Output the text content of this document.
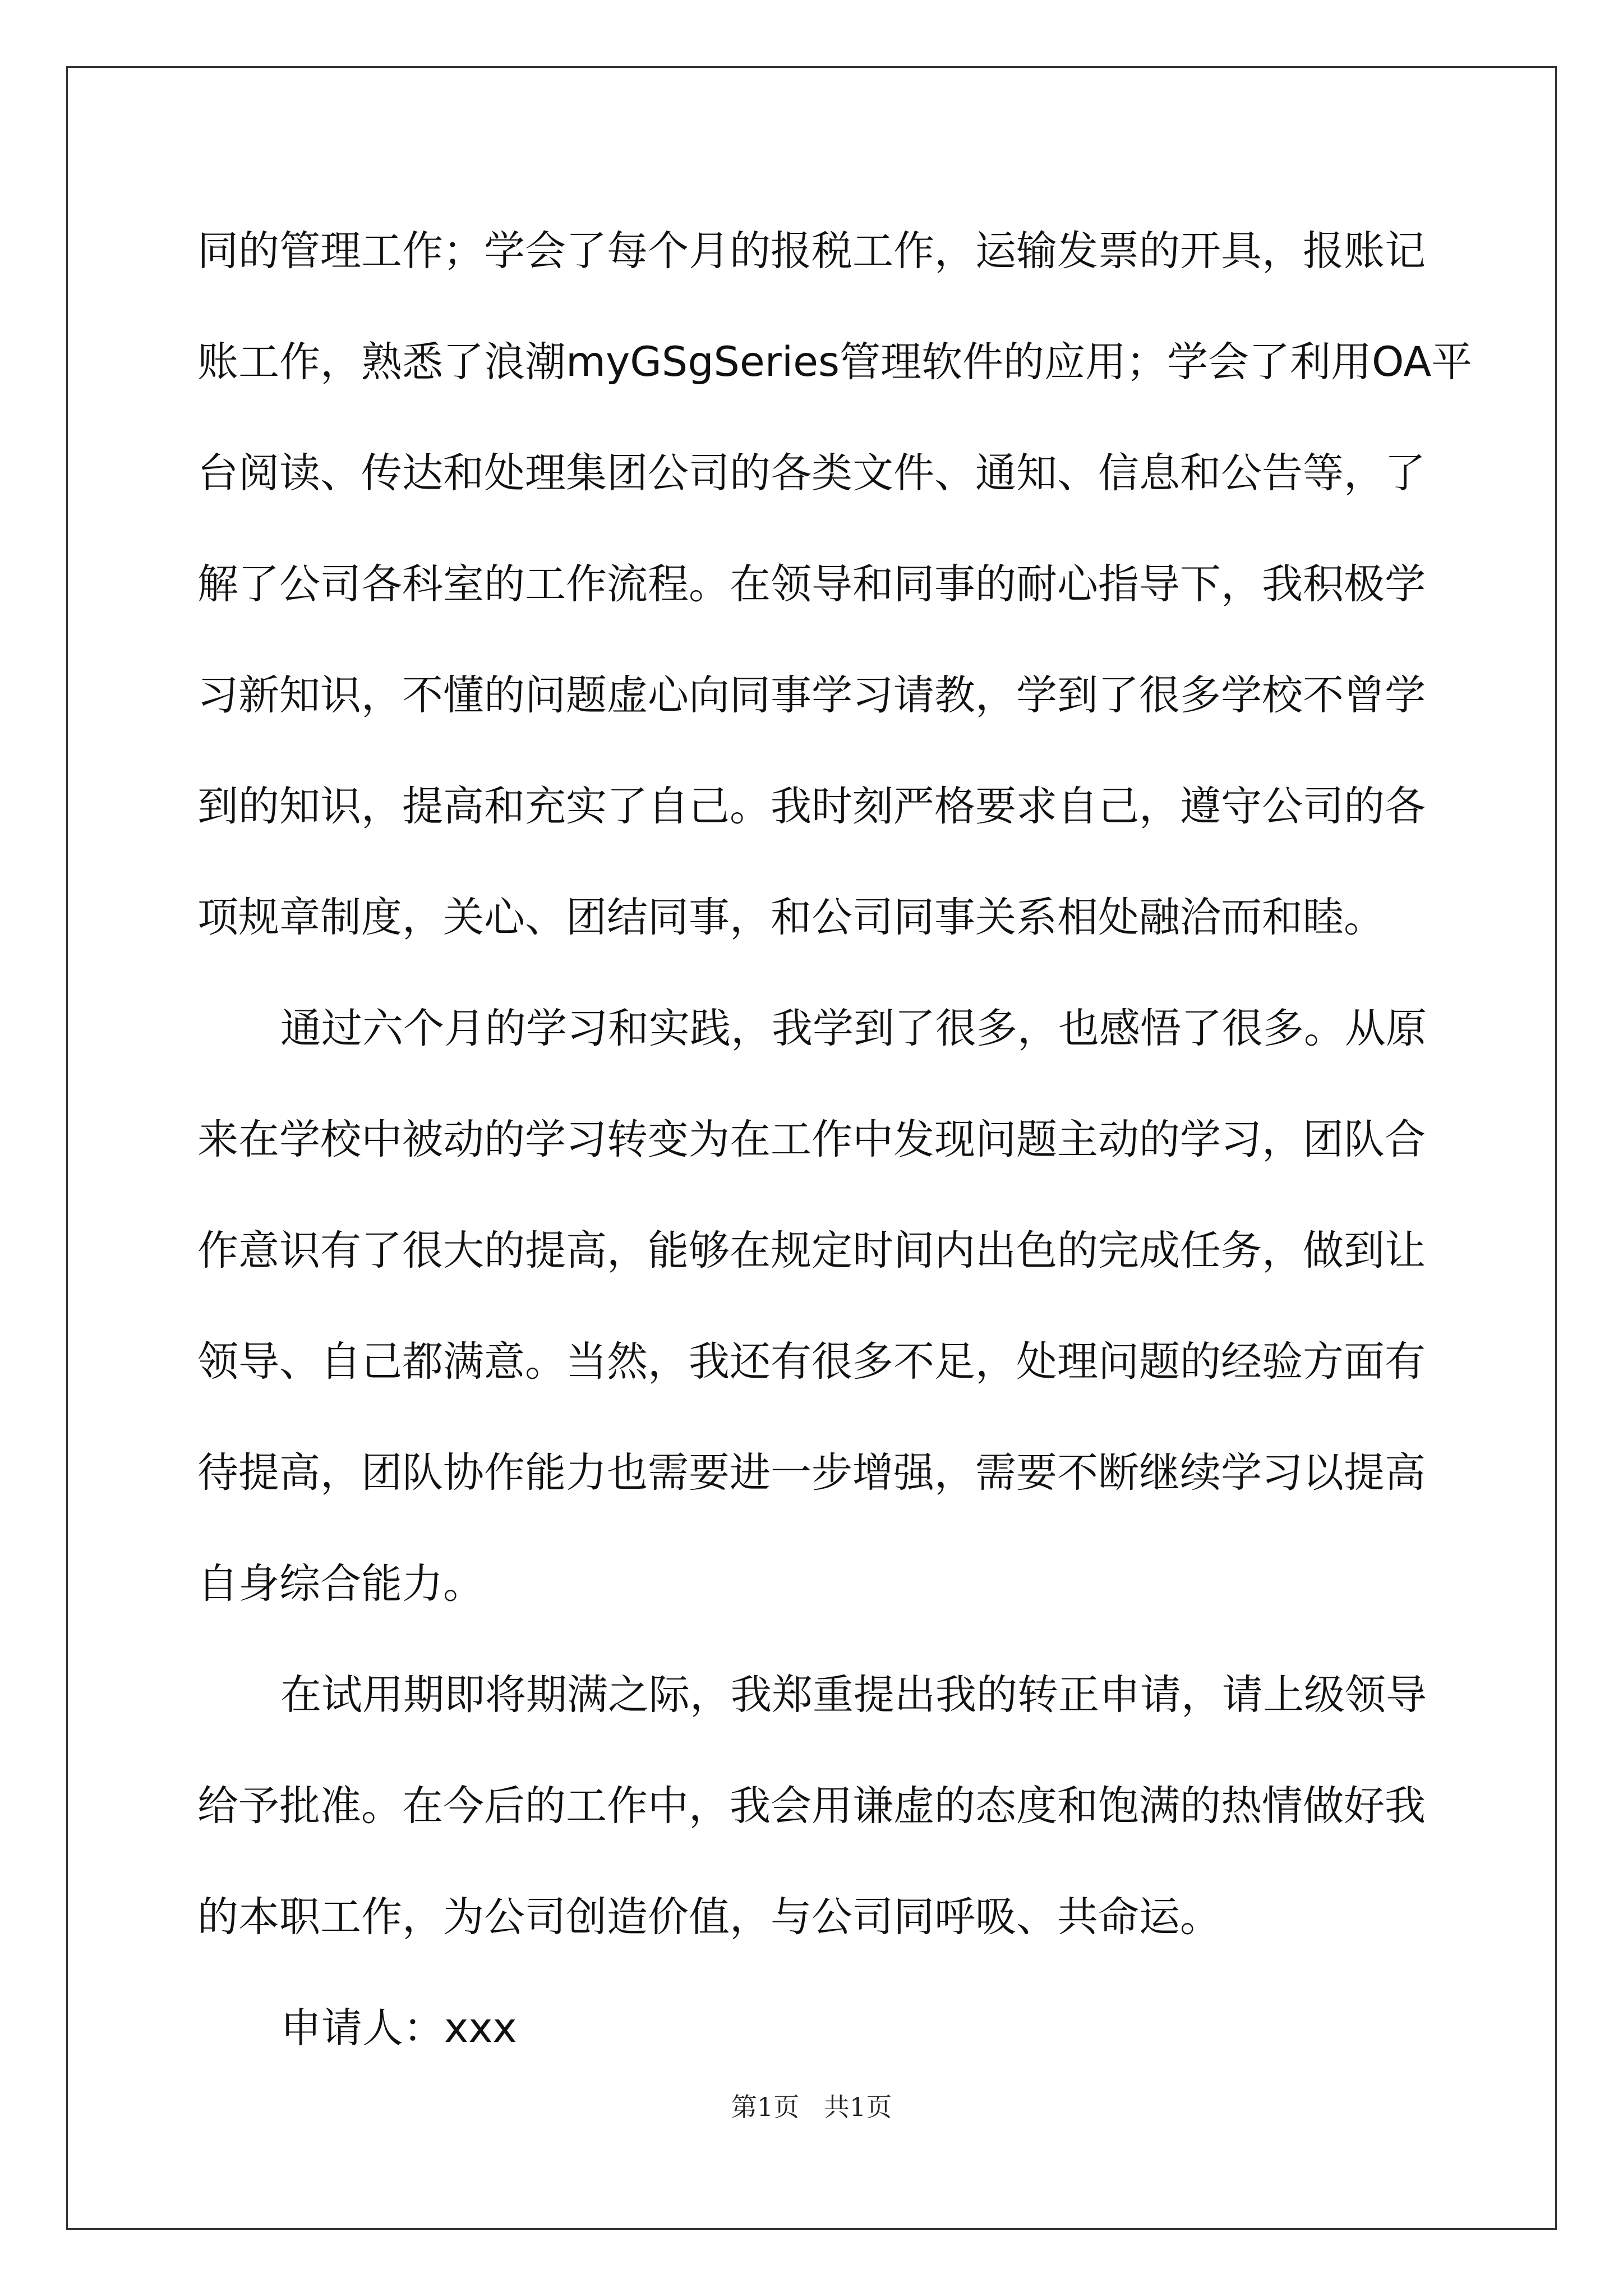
同的管理工作；学会了每个月的报税工作，运输发票的开具，报账记
账工作，熟悉了浪潮myGSgSeries管理软件的应用；学会了利用OA平
台阅读、传达和处理集团公司的各类文件、通知、信息和公告等，了
解了公司各科室的工作流程。在领导和同事的耐心指导下，我积极学
习新知识，不懂的问题虚心向同事学习请教，学到了很多学校不曾学
到的知识，提高和充实了自己。我时刻严格要求自己，遵守公司的各
项规章制度，关心、团结同事，和公司同事关系相处融洽而和睦。
通过六个月的学习和实践，我学到了很多，也感悟了很多。从原
来在学校中被动的学习转变为在工作中发现问题主动的学习，团队合
作意识有了很大的提高，能够在规定时间内出色的完成任务，做到让
领导、自己都满意。当然，我还有很多不足，处理问题的经验方面有
待提高，团队协作能力也需要进一步增强，需要不断继续学习以提高
自身综合能力。
在试用期即将期满之际，我郑重提出我的转正申请，请上级领导
给予批准。在今后的工作中，我会用谦虚的态度和饱满的热情做好我
的本职工作，为公司创造价值，与公司同呼吸、共命运。
申请人：xxx
第1页   共1页
